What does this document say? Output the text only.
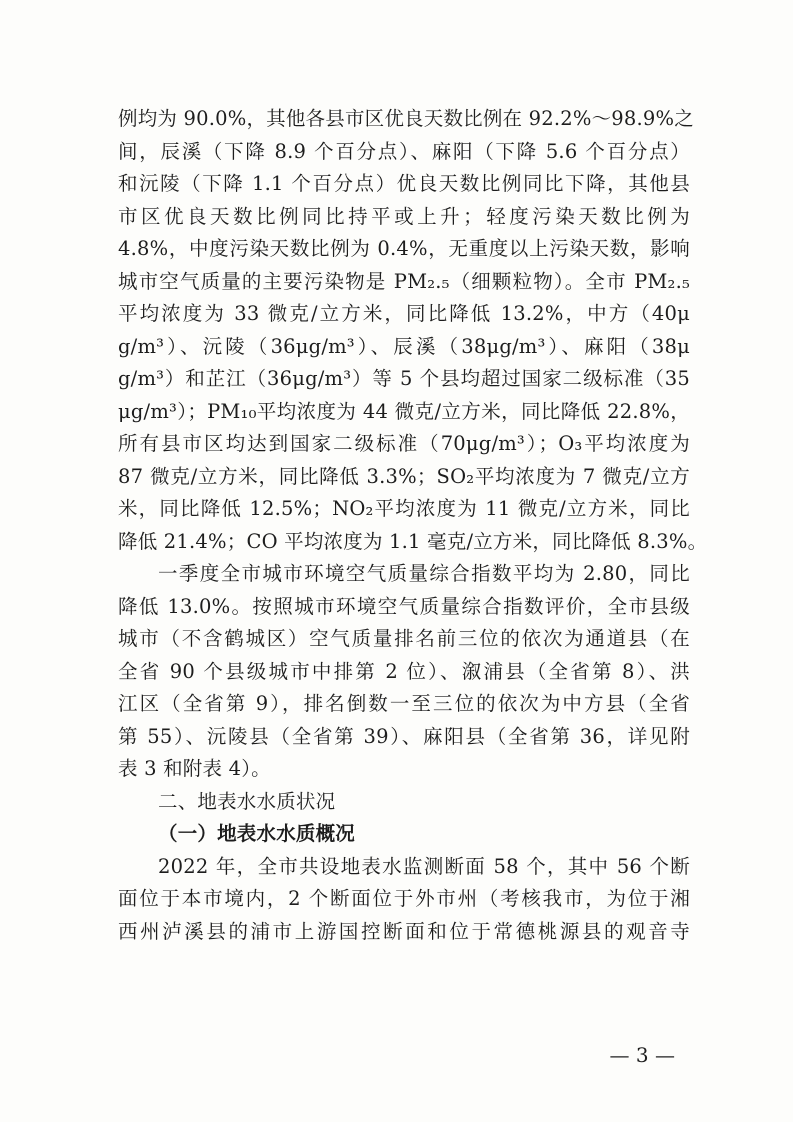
例均为 90.0%，其他各县市区优良天数比例在 92.2%～98.9%之
间，辰溪（下降 8.9 个百分点）、麻阳（下降 5.6 个百分点）
和沅陵（下降 1.1 个百分点）优良天数比例同比下降，其他县
市区优良天数比例同比持平或上升；轻度污染天数比例为
4.8%，中度污染天数比例为 0.4%，无重度以上污染天数，影响
城市空气质量的主要污染物是 PM₂.₅（细颗粒物）。全市 PM₂.₅
平均浓度为 33 微克/立方米，同比降低 13.2%，中方（40μ
g/m³）、沅陵（36μg/m³）、辰溪（38μg/m³）、麻阳（38μ
g/m³）和芷江（36μg/m³）等 5 个县均超过国家二级标准（35
μg/m³）；PM₁₀平均浓度为 44 微克/立方米，同比降低 22.8%，
所有县市区均达到国家二级标准（70μg/m³）；O₃平均浓度为
87 微克/立方米，同比降低 3.3%；SO₂平均浓度为 7 微克/立方
米，同比降低 12.5%；NO₂平均浓度为 11 微克/立方米，同比
降低 21.4%；CO 平均浓度为 1.1 毫克/立方米，同比降低 8.3%。
一季度全市城市环境空气质量综合指数平均为 2.80，同比
降低 13.0%。按照城市环境空气质量综合指数评价，全市县级
城市（不含鹤城区）空气质量排名前三位的依次为通道县（在
全省 90 个县级城市中排第 2 位）、溆浦县（全省第 8）、洪
江区（全省第 9），排名倒数一至三位的依次为中方县（全省
第 55）、沅陵县（全省第 39）、麻阳县（全省第 36，详见附
表 3 和附表 4）。
二、地表水水质状况
（一）地表水水质概况
2022 年，全市共设地表水监测断面 58 个，其中 56 个断
面位于本市境内，2 个断面位于外市州（考核我市，为位于湘
西州泸溪县的浦市上游国控断面和位于常德桃源县的观音寺
— 3 —
